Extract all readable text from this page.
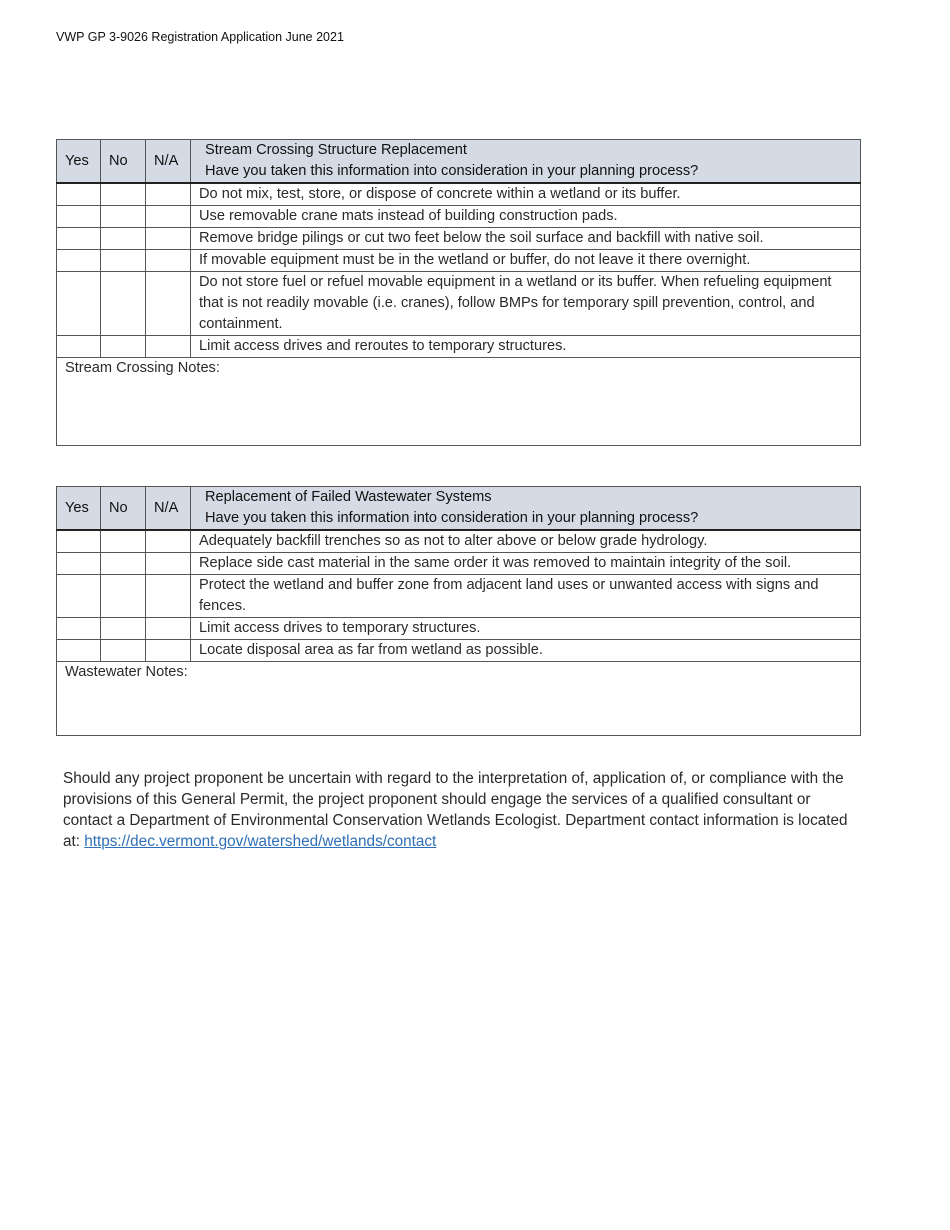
VWP GP 3-9026 Registration Application June 2021
Yes	No	N/A	Stream Crossing Structure Replacement
Have you taken this information into consideration in your planning process?

			Do not mix, test, store, or dispose of concrete within a wetland or its buffer.
			Use removable crane mats instead of building construction pads.
			Remove bridge pilings or cut two feet below the soil surface and backfill with native soil.
			If movable equipment must be in the wetland or buffer, do not leave it there overnight.
			Do not store fuel or refuel movable equipment in a wetland or its buffer. When refueling equipment that is not readily movable (i.e. cranes), follow BMPs for temporary spill prevention, control, and containment.
			Limit access drives and reroutes to temporary structures.
Stream Crossing Notes:			
Yes	No	N/A	Replacement of Failed Wastewater Systems
Have you taken this information into consideration in your planning process?

			Adequately backfill trenches so as not to alter above or below grade hydrology.
			Replace side cast material in the same order it was removed to maintain integrity of the soil.
			Protect the wetland and buffer zone from adjacent land uses or unwanted access with signs and fences.
			Limit access drives to temporary structures.
			Locate disposal area as far from wetland as possible.
Wastewater Notes:			

Should any project proponent be uncertain with regard to the interpretation of, application of, or compliance with the provisions of this General Permit, the project proponent should engage the services of a qualified consultant or contact a Department of Environmental Conservation Wetlands Ecologist. Department contact information is located at: https://dec.vermont.gov/watershed/wetlands/contact
